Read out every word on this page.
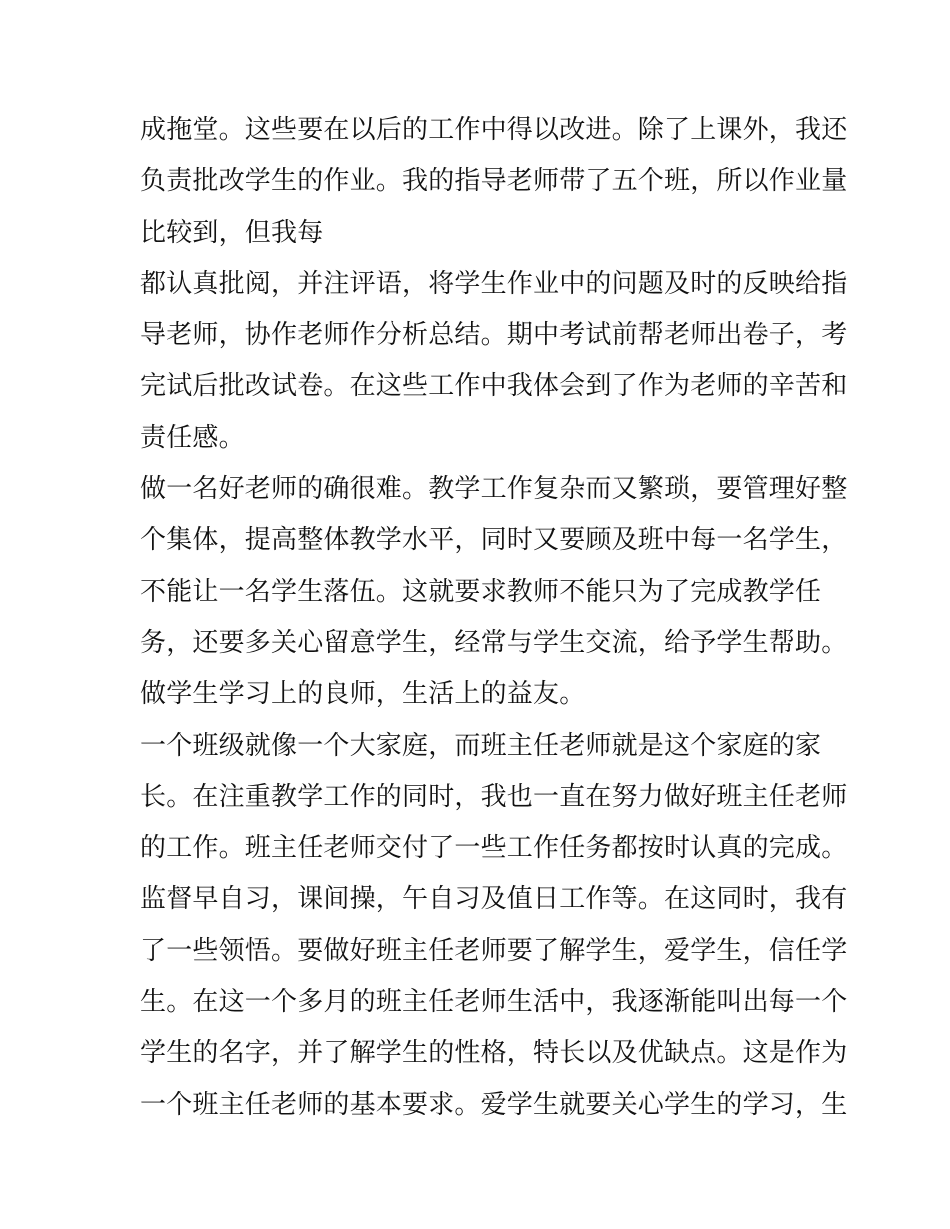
成拖堂。这些要在以后的工作中得以改进。除了上课外，我还
负责批改学生的作业。我的指导老师带了五个班，所以作业量
比较到，但我每
都认真批阅，并注评语，将学生作业中的问题及时的反映给指
导老师，协作老师作分析总结。期中考试前帮老师出卷子，考
完试后批改试卷。在这些工作中我体会到了作为老师的辛苦和
责任感。
做一名好老师的确很难。教学工作复杂而又繁琐，要管理好整
个集体，提高整体教学水平，同时又要顾及班中每一名学生，
不能让一名学生落伍。这就要求教师不能只为了完成教学任
务，还要多关心留意学生，经常与学生交流，给予学生帮助。
做学生学习上的良师，生活上的益友。
一个班级就像一个大家庭，而班主任老师就是这个家庭的家
长。在注重教学工作的同时，我也一直在努力做好班主任老师
的工作。班主任老师交付了一些工作任务都按时认真的完成。
监督早自习，课间操，午自习及值日工作等。在这同时，我有
了一些领悟。要做好班主任老师要了解学生，爱学生，信任学
生。在这一个多月的班主任老师生活中，我逐渐能叫出每一个
学生的名字，并了解学生的性格，特长以及优缺点。这是作为
一个班主任老师的基本要求。爱学生就要关心学生的学习，生
